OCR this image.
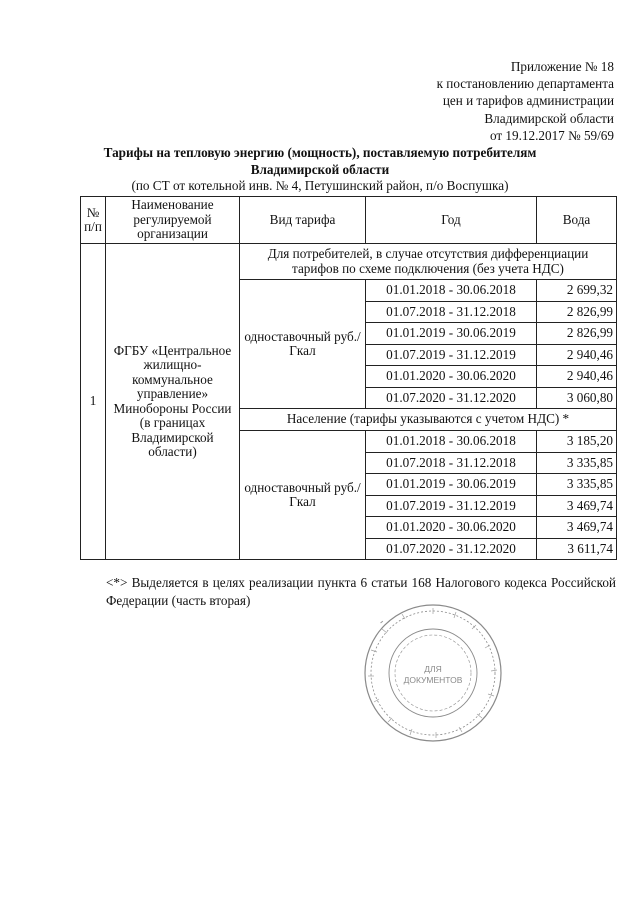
Приложение № 18
к постановлению департамента
цен и тарифов администрации
Владимирской области
от 19.12.2017 № 59/69
Тарифы на тепловую энергию (мощность), поставляемую потребителям
Владимирской области
(по СТ от котельной инв. № 4, Петушинский район, п/о Воспушка)
№ п/п	Наименование регулируемой организации	Вид тарифа	Год	Вода
1	ФГБУ «Центральное жилищно-коммунальное управление» Минобороны России (в границах Владимирской области)	Для потребителей, в случае отсутствия дифференциации тарифов по схеме подключения (без учета НДС)		
		одноставочный руб./Гкал	01.01.2018 - 30.06.2018	2 699,32
			01.07.2018 - 31.12.2018	2 826,99
			01.01.2019 - 30.06.2019	2 826,99
			01.07.2019 - 31.12.2019	2 940,46
			01.01.2020 - 30.06.2020	2 940,46
			01.07.2020 - 31.12.2020	3 060,80
		Население (тарифы указываются с учетом НДС) *		
		одноставочный руб./Гкал	01.01.2018 - 30.06.2018	3 185,20
			01.07.2018 - 31.12.2018	3 335,85
			01.01.2019 - 30.06.2019	3 335,85
			01.07.2019 - 31.12.2019	3 469,74
			01.01.2020 - 30.06.2020	3 469,74
			01.07.2020 - 31.12.2020	3 611,74
<*> Выделяется в целях реализации пункта 6 статьи 168 Налогового кодекса Российской Федерации (часть вторая)
ДЛЯ
ДОКУМЕНТОВ
